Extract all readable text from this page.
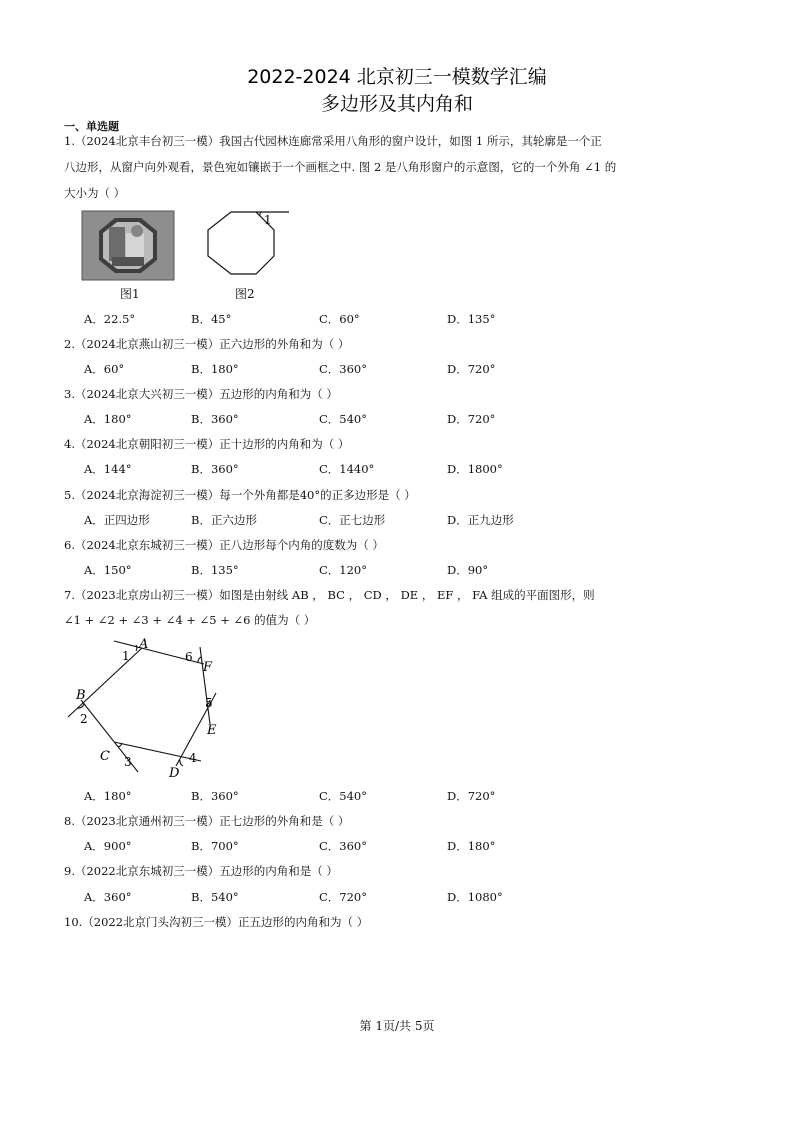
2022-2024 北京初三一模数学汇编
多边形及其内角和
一、单选题
1.（2024北京丰台初三一模）我国古代园林连廊常采用八角形的窗户设计，如图 1 所示，其轮廓是一个正
八边形，从窗户向外观看，景色宛如镶嵌于一个画框之中. 图 2 是八角形窗户的示意图，它的一个外角 ∠1 的
大小为（ ）
图1
1
图2
A．22.5°	B．45°	C．60°	D．135°
2.（2024北京燕山初三一模）正六边形的外角和为（ ）
A．60°	B．180°	C．360°	D．720°
3.（2024北京大兴初三一模）五边形的内角和为（ ）
A．180°	B．360°	C．540°	D．720°
4.（2024北京朝阳初三一模）正十边形的内角和为（ ）
A．144°	B．360°	C．1440°	D．1800°
5.（2024北京海淀初三一模）每一个外角都是40°的正多边形是（ ）
A．正四边形	B．正六边形	C．正七边形	D．正九边形
6.（2024北京东城初三一模）正八边形每个内角的度数为（ ）
A．150°	B．135°	C．120°	D．90°
7.（2023北京房山初三一模）如图是由射线 AB ， BC ， CD ， DE ， EF ， FA 组成的平面图形，则
∠1 + ∠2 + ∠3 + ∠4 + ∠5 + ∠6 的值为（ ）
A
F
B
E
C
D
1
2
3	4
5
6
A．180°	B．360°	C．540°	D．720°
8.（2023北京通州初三一模）正七边形的外角和是（ ）
A．900°	B．700°	C．360°	D．180°
9.（2022北京东城初三一模）五边形的内角和是（ ）
A．360°	B．540°	C．720°	D．1080°
10.（2022北京门头沟初三一模）正五边形的内角和为（ ）
第 1页/共 5页
